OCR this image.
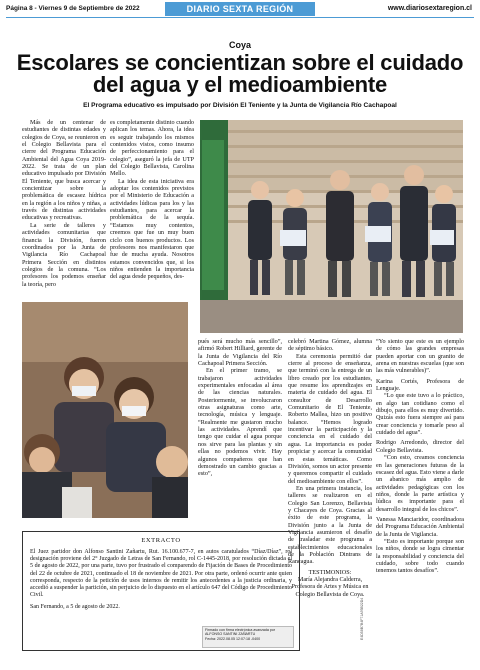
Página 8 - Viernes 9 de Septiembre de 2022	DIARIO SEXTA REGIÓN	www.diariosextaregion.cl
Coya
Escolares se concientizan sobre el cuidado del agua y el medioambiente
El Programa educativo es impulsado por División El Teniente y la Junta de Vigilancia Río Cachapoal

Más de un centenar de estudiantes de distintas edades y colegios de Coya, se reunieron en el Colegio Bellavista para el cierre del Programa Educación Ambiental del Agua Coya 2019-2022. Se trata de un plan educativo impulsado por División El Teniente, que busca acercar y concientizar sobre la problemática de escasez hídrica en la región a los niños y niñas, a través de distintas actividades educativas y recreativas.

La serie de talleres y actividades comunitarias que financia la División, fueron coordinados por la Junta de Vigilancia Río Cachapoal Primera Sección en distintos colegios de la comuna. “Los profesores los podemos enseñar la teoría, pero

es completamente distinto cuando aplican los temas. Ahora, la idea es seguir trabajando los mismos contenidos vistos, como insumo de perfeccionamiento para el colegio”, aseguró la jefa de UTP del Colegio Bellavista, Carolina Mello.

La idea de esta iniciativa era adoptar los contenidos previstos por el Ministerio de Educación a actividades lúdicas para los y las estudiantes, para acercar la problemática de la sequía. “Estamos muy contentos, creemos que fue un muy buen ciclo con buenos productos. Los profesores nos manifestaron que fue de mucha ayuda. Nosotros estamos convencidos que, si los niños entienden la importancia del agua desde pequeños, des-

pués será mucho más sencillo”, afirmó Robert Hilliard, gerente de la Junta de Vigilancia del Río Cachapoal Primera Sección.

En el primer tramo, se trabajaron actividades experimentales enfocadas al área de las ciencias naturales. Posteriormente, se involucraron otras asignaturas como arte, tecnología, música y lenguaje. “Realmente me gustaron mucho las actividades. Aprendí que tengo que cuidar el agua porque nos sirve para las plantas y sin ellas no podemos vivir. Hay algunos compañeros que han demostrado un cambio gracias a esto”,

celebró Martina Gómez, alumna de séptimo básico.

Esta ceremonia permitió dar cierre al proceso de enseñanza, que terminó con la entrega de un libro creado por los estudiantes, que resume los aprendizajes en materia de cuidado del agua. El consultor de Desarrollo Comunitario de El Teniente, Roberto Mallea, hizo un positivo balance. “Hemos logrado incentivar la participación y la conciencia en el cuidado del agua. La importancia es poder propiciar y acercar la comunidad en estas temáticas. Como División, somos un actor presente y queremos compartir el cuidado del medioambiente con ellos”.

En una primera instancia, los talleres se realizaron en el Colegio San Lorenzo, Bellavista y Chacayes de Coya. Gracias al éxito de este programa, la División junto a la Junta de Vigilancia asumieron el desafío de trasladar este programa a establecimientos educacionales de la Población Dintrans de Rancagua.

TESTIMONIOS:

María Alejandra Calderra, Profesora de Artes y Música en Colegio Bellavista de Coya.

“Yo siento que este es un ejemplo de cómo las grandes empresas pueden aportar con un granito de arena en nuestras escuelas (que son las más vulnerables)”.

Karina Cortés, Profesora de Lenguaje.

“Lo que este tuvo a lo práctico, en algo tan cotidiano como el dibujo, para ellos es muy divertido. Quizás esto fuera siempre así para crear conciencia y tomarle peso al cuidado del agua”.

Rodrigo Arredondo, director del Colegio Bellavista.

“Con esto, creamos conciencia en las generaciones futuras de la escasez del agua. Esto viene a darle un abanico más amplio de actividades pedagógicas con los niños, donde la parte artística y lúdica es importante para el desarrollo integral de los chicos”.

Vanessa Manciaridor, coordinadora del Programa Educación Ambiental de la Junta de Vigilancia.

“Esto es importante porque son los niños, donde se logra cimentar la responsabilidad y conciencia del cuidado, sobre todo cuando tenemos tantos desafíos”.

EXTRACTO

El Juez partidor don Alfonso Santini Zañartu, Rut. 16.100.677-7, en autos caratulados “Díaz/Díaz”, rol designación proviene del 2° Juzgado de Letras de San Fernando, rol C-1445-2018, por resolución dictada el 5 de agosto de 2022, por una parte, tuvo por frustrado el comparendo de Fijación de Bases de Procedimiento del 22 de octubre de 2021, continuado el 18 de noviembre de 2021. Por otra parte, ordenó ocurrir ante quien corresponda, respecto de la petición de usos internos de remitir los antecedentes a la justicia ordinaria, y accedió a suspender la partición, sin perjuicio de lo dispuesto en el artículo 647 del Código de Procedimiento Civil.

San Fernando, a 5 de agosto de 2022.

Firmado con firma electrónica avanzada por
ALFONSO SANTINI ZAÑARTU
Fecha: 2022.08.05 12:07:18 -0400	E4D58B7B4F71A95B22D4
